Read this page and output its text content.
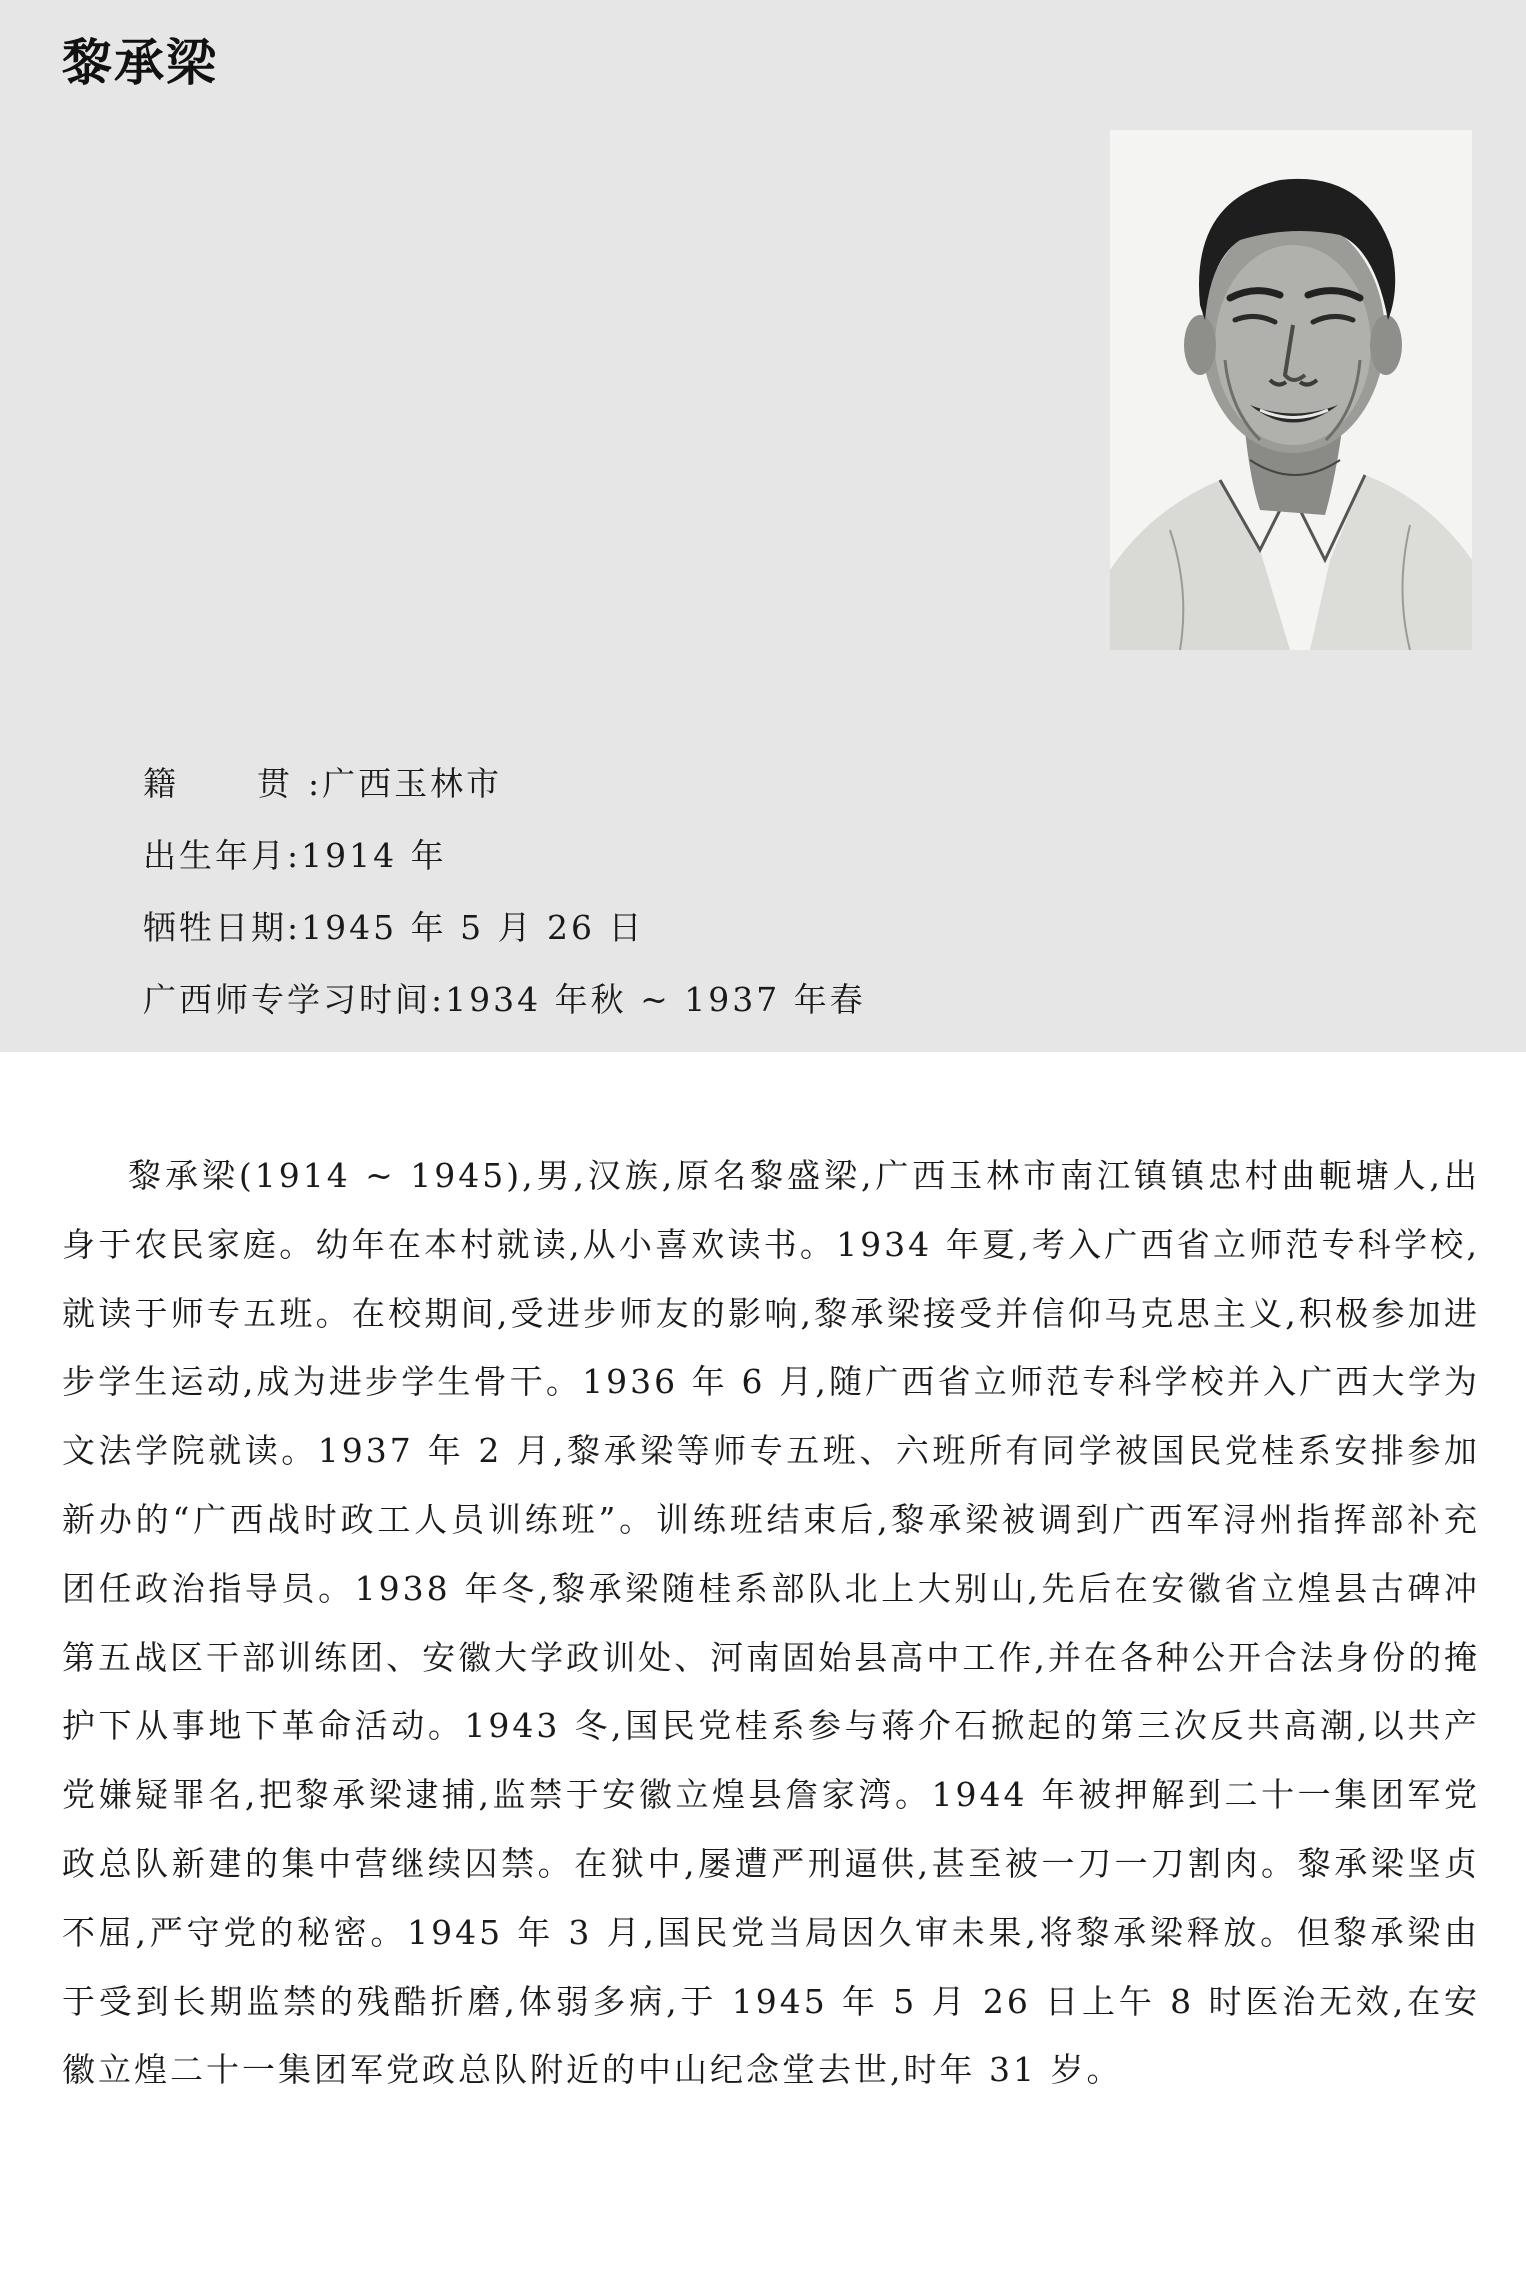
黎承梁
籍 贯 :广西玉林市
出生年月:1914 年
牺牲日期:1945 年 5 月 26 日
广西师专学习时间:1934 年秋 ~ 1937 年春

黎承梁(1914 ~ 1945),男,汉族,原名黎盛梁,广西玉林市南江镇镇忠村曲軛塘人,出身于农民家庭。幼年在本村就读,从小喜欢读书。1934 年夏,考入广西省立师范专科学校,就读于师专五班。在校期间,受进步师友的影响,黎承梁接受并信仰马克思主义,积极参加进步学生运动,成为进步学生骨干。1936 年 6 月,随广西省立师范专科学校并入广西大学为文法学院就读。1937 年 2 月,黎承梁等师专五班、六班所有同学被国民党桂系安排参加新办的“广西战时政工人员训练班”。训练班结束后,黎承梁被调到广西军浔州指挥部补充团任政治指导员。1938 年冬,黎承梁随桂系部队北上大别山,先后在安徽省立煌县古碑冲第五战区干部训练团、安徽大学政训处、河南固始县高中工作,并在各种公开合法身份的掩护下从事地下革命活动。1943 冬,国民党桂系参与蒋介石掀起的第三次反共高潮,以共产党嫌疑罪名,把黎承梁逮捕,监禁于安徽立煌县詹家湾。1944 年被押解到二十一集团军党政总队新建的集中营继续囚禁。在狱中,屡遭严刑逼供,甚至被一刀一刀割肉。黎承梁坚贞不屈,严守党的秘密。1945 年 3 月,国民党当局因久审未果,将黎承梁释放。但黎承梁由于受到长期监禁的残酷折磨,体弱多病,于 1945 年 5 月 26 日上午 8 时医治无效,在安徽立煌二十一集团军党政总队附近的中山纪念堂去世,时年 31 岁。
